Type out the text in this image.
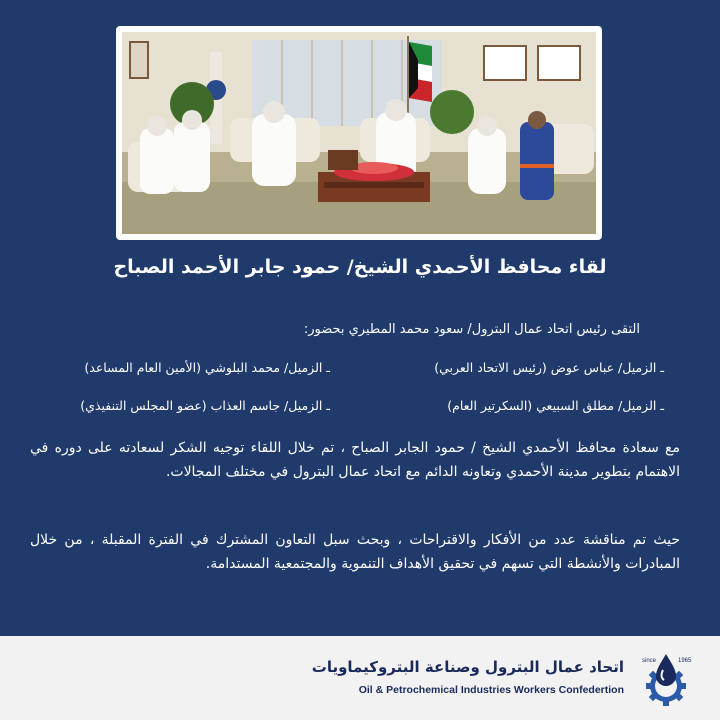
لقاء محافظ الأحمدي الشيخ/ حمود جابر الأحمد الصباح
التقى رئيس اتحاد عمال البترول/ سعود محمد المطيري بحضور:
ـ الزميل/ عباس عوض (رئيس الاتحاد العربي)
ـ الزميل/ محمد البلوشي (الأمين العام المساعد)
ـ الزميل/ مطلق السبيعي (السكرتير العام)
ـ الزميل/ جاسم العذاب (عضو المجلس التنفيذي)
مع سعادة محافظ الأحمدي الشيخ / حمود الجابر الصباح ، تم خلال اللقاء توجيه الشكر لسعادته على دوره في الاهتمام بتطوير مدينة الأحمدي وتعاونه الدائم مع اتحاد عمال البترول في مختلف المجالات.
حيث تم مناقشة عدد من الأفكار والاقتراحات ، وبحث سبل التعاون المشترك في الفترة المقبلة ، من خلال المبادرات والأنشطة التي تسهم في تحقيق الأهداف التنموية والمجتمعية المستدامة.
اتحاد عمال البترول وصناعة البتروكيماويات
Oil & Petrochemical Industries Workers Confedertion
since	1965
